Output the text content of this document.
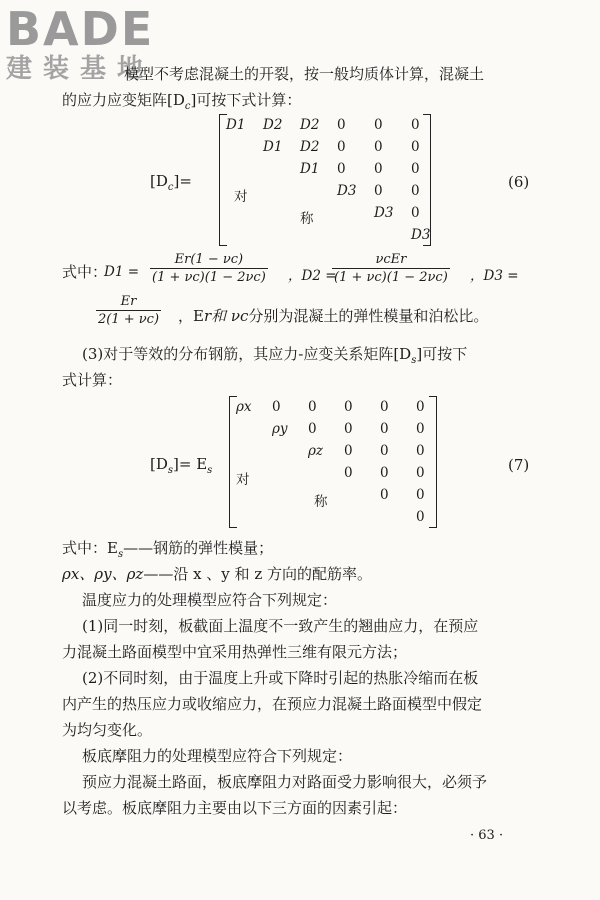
BADE
建装基地
模型不考虑混凝土的开裂，按一般均质体计算，混凝土
的应力应变矩阵$[D_c]$可按下式计算：
$[D_c]=$
D1 D2 D2 0 0 0
D1 D2 0 0 0
D1 0 0 0
D3 0 0
D3 0
D3
对
称
(6)
式中：
$D1 = \frac{Er(1 - \nu c)}{(1 + \nu c)(1 - 2\nu c)}$ ，D2 =
νcEr
(1 + νc)(1 − 2νc) ，D3 =
$\frac{Er}{2(1 + \nu c)}$ ，Er和 νc分别为混凝土的弹性模量和泊松比。
(3)对于等效的分布钢筋，其应力-应变关系矩阵$[D_s]$可按下
式计算：
$[D_s]= E_s$
ρx 0 0 0 0 0
ρy 0 0 0 0
ρz 0 0 0
0 0 0
0 0
0
对
称
(7)
式中：$E_s——$钢筋的弹性模量；
ρx、ρy、ρz——沿 x 、y 和 z 方向的配筋率。
温度应力的处理模型应符合下列规定：
(1)同一时刻，板截面上温度不一致产生的翘曲应力，在预应
力混凝土路面模型中宜采用热弹性三维有限元方法；
(2)不同时刻，由于温度上升或下降时引起的热胀冷缩而在板
内产生的热压应力或收缩应力，在预应力混凝土路面模型中假定
为均匀变化。
板底摩阻力的处理模型应符合下列规定：
预应力混凝土路面，板底摩阻力对路面受力影响很大，必须予
以考虑。板底摩阻力主要由以下三方面的因素引起：
· 63 ·
